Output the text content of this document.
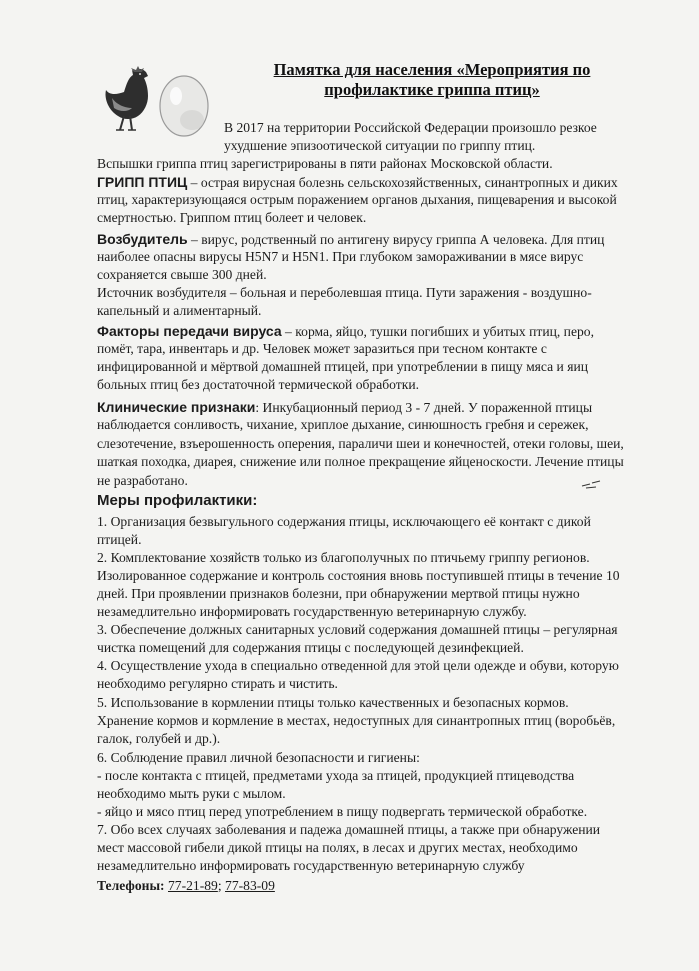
Памятка для населения «Мероприятия по
профилактике гриппа птиц»
В 2017 на территории Российской Федерации произошло резкое
ухудшение эпизоотической ситуации по гриппу птиц.
Вспышки гриппа птиц зарегистрированы в пяти районах Московской области.
ГРИПП ПТИЦ – острая вирусная болезнь сельскохозяйственных, синантропных и диких
птиц, характеризующаяся острым поражением органов дыхания, пищеварения и высокой
смертностью. Гриппом птиц болеет и человек.
Возбудитель – вирус, родственный по антигену вирусу гриппа А человека. Для птиц
наиболее опасны вирусы H5N7 и H5N1. При глубоком замораживании в мясе вирус
сохраняется свыше 300 дней.
Источник возбудителя – больная и переболевшая птица. Пути заражения - воздушно-
капельный и алиментарный.
Факторы передачи вируса – корма, яйцо, тушки погибших и убитых птиц, перо,
помёт, тара, инвентарь и др. Человек может заразиться при тесном контакте с
инфицированной и мёртвой домашней птицей, при употреблении в пищу мяса и яиц
больных птиц без достаточной термической обработки.
Клинические признаки: Инкубационный период 3 - 7 дней. У пораженной птицы
наблюдается сонливость, чихание, хриплое дыхание, синюшность гребня и сережек,
слезотечение, взъерошенность оперения, параличи шеи и конечностей, отеки головы, шеи,
шаткая походка, диарея, снижение или полное прекращение яйценоскости. Лечение птицы
не разработано.
Меры профилактики:
1. Организация безвыгульного содержания птицы, исключающего её контакт с дикой
птицей.
2. Комплектование хозяйств только из благополучных по птичьему гриппу регионов.
Изолированное содержание и контроль состояния вновь поступившей птицы в течение 10
дней. При проявлении признаков болезни, при обнаружении мертвой птицы нужно
незамедлительно информировать государственную ветеринарную службу.
3. Обеспечение должных санитарных условий содержания домашней птицы – регулярная
чистка помещений для содержания птицы с последующей дезинфекцией.
4. Осуществление ухода в специально отведенной для этой цели одежде и обуви, которую
необходимо регулярно стирать и чистить.
5. Использование в кормлении птицы только качественных и безопасных кормов.
Хранение кормов и кормление в местах, недоступных для синантропных птиц (воробьёв,
галок, голубей и др.).
6. Соблюдение правил личной безопасности и гигиены:
- после контакта с птицей, предметами ухода за птицей, продукцией птицеводства
необходимо мыть руки с мылом.
- яйцо и мясо птиц перед употреблением в пищу подвергать термической обработке.
7. Обо всех случаях заболевания и падежа домашней птицы, а также при обнаружении
мест массовой гибели дикой птицы на полях, в лесах и других местах, необходимо
незамедлительно информировать государственную ветеринарную службу
Телефоны: 77-21-89; 77-83-09
